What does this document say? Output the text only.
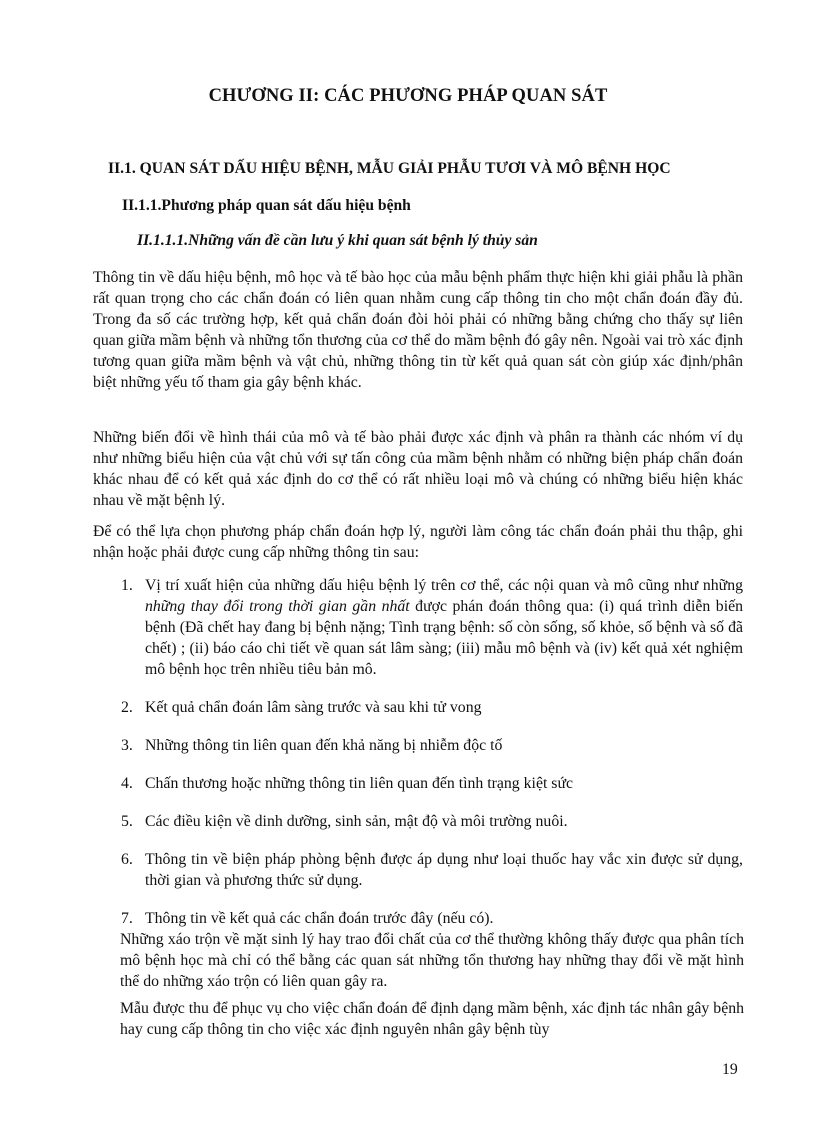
CHƯƠNG II: CÁC PHƯƠNG PHÁP QUAN SÁT
II.1. QUAN SÁT DẤU HIỆU BỆNH, MẪU GIẢI PHẪU TƯƠI VÀ MÔ BỆNH HỌC
II.1.1.Phương pháp quan sát dấu hiệu bệnh
II.1.1.1.Những vấn đề cần lưu ý khi quan sát bệnh lý thủy sản

Thông tin về dấu hiệu bệnh, mô học và tế bào học của mẫu bệnh phẩm thực hiện khi giải phẫu là phần rất quan trọng cho các chẩn đoán có liên quan nhằm cung cấp thông tin cho một chẩn đoán đầy đủ. Trong đa số các trường hợp, kết quả chẩn đoán đòi hỏi phải có những bằng chứng cho thấy sự liên quan giữa mầm bệnh và những tổn thương của cơ thể do mầm bệnh đó gây nên. Ngoài vai trò xác định tương quan giữa mầm bệnh và vật chủ, những thông tin từ kết quả quan sát còn giúp xác định/phân biệt những yếu tố tham gia gây bệnh khác.

Những biến đổi về hình thái của mô và tế bào phải được xác định và phân ra thành các nhóm ví dụ như những biểu hiện của vật chủ với sự tấn công của mầm bệnh nhằm có những biện pháp chẩn đoán khác nhau để có kết quả xác định do cơ thể có rất nhiều loại mô và chúng có những biểu hiện khác nhau về mặt bệnh lý.

Để có thể lựa chọn phương pháp chẩn đoán hợp lý, người làm công tác chẩn đoán phải thu thập, ghi nhận hoặc phải được cung cấp những thông tin sau:

1. Vị trí xuất hiện của những dấu hiệu bệnh lý trên cơ thể, các nội quan và mô cũng như những những thay đổi trong thời gian gần nhất được phán đoán thông qua: (i) quá trình diễn biến bệnh (Đã chết hay đang bị bệnh nặng; Tình trạng bệnh: số còn sống, số khỏe, số bệnh và số đã chết) ; (ii) báo cáo chi tiết về quan sát lâm sàng; (iii) mẫu mô bệnh và (iv) kết quả xét nghiệm mô bệnh học trên nhiều tiêu bản mô.
2. Kết quả chẩn đoán lâm sàng trước và sau khi tử vong
3. Những thông tin liên quan đến khả năng bị nhiễm độc tố
4. Chấn thương hoặc những thông tin liên quan đến tình trạng kiệt sức
5. Các điều kiện về dinh dưỡng, sinh sản, mật độ và môi trường nuôi.
6. Thông tin về biện pháp phòng bệnh được áp dụng như loại thuốc hay vắc xin được sử dụng, thời gian và phương thức sử dụng.
7. Thông tin về kết quả các chẩn đoán trước đây (nếu có).

Những xáo trộn về mặt sinh lý hay trao đổi chất của cơ thể thường không thấy được qua phân tích mô bệnh học mà chỉ có thể bằng các quan sát những tổn thương hay những thay đổi về mặt hình thể do những xáo trộn có liên quan gây ra.

Mẫu được thu để phục vụ cho việc chẩn đoán để định dạng mầm bệnh, xác định tác nhân gây bệnh hay cung cấp thông tin cho việc xác định nguyên nhân gây bệnh tùy

19
